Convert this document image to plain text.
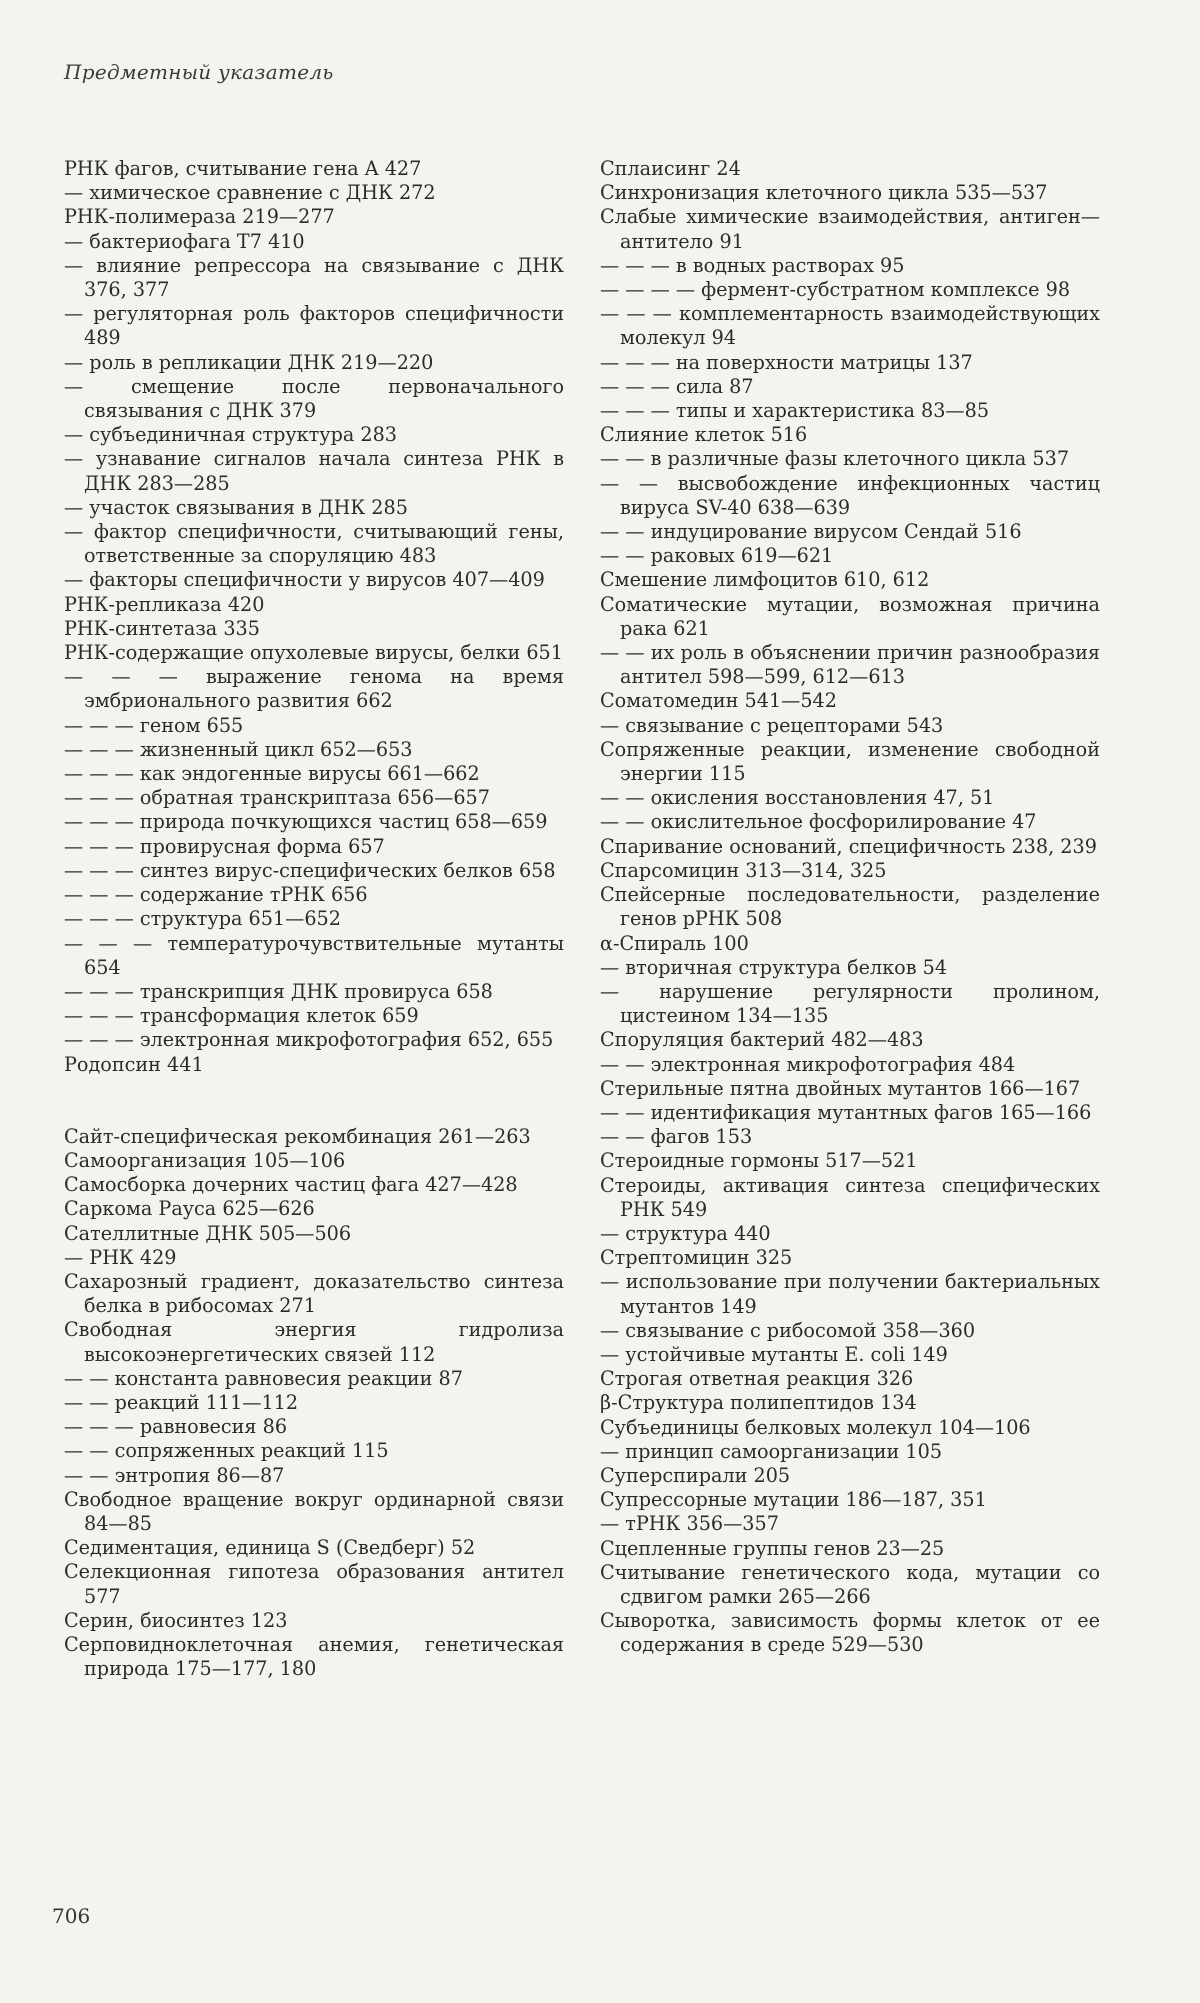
Предметный указатель
РНК фагов, считывание гена A 427
— химическое сравнение с ДНК 272
РНК-полимераза 219—277
— бактериофага T7 410
— влияние репрессора на связывание с ДНК 376, 377
— регуляторная роль факторов специфичности 489
— роль в репликации ДНК 219—220
— смещение после первоначального связывания с ДНК 379
— субъединичная структура 283
— узнавание сигналов начала синтеза РНК в ДНК 283—285
— участок связывания в ДНК 285
— фактор специфичности, считывающий гены, ответственные за споруляцию 483
— факторы специфичности у вирусов 407—409
РНК-репликаза 420
РНК-синтетаза 335
РНК-содержащие опухолевые вирусы, белки 651
— — — выражение генома на время эмбрионального развития 662
— — — геном 655
— — — жизненный цикл 652—653
— — — как эндогенные вирусы 661—662
— — — обратная транскриптаза 656—657
— — — природа почкующихся частиц 658—659
— — — провирусная форма 657
— — — синтез вирус-специфических белков 658
— — — содержание тРНК 656
— — — структура 651—652
— — — температурочувствительные мутанты 654
— — — транскрипция ДНК провируса 658
— — — трансформация клеток 659
— — — электронная микрофотография 652, 655
Родопсин 441
Сайт-специфическая рекомбинация 261—263
Самоорганизация 105—106
Самосборка дочерних частиц фага 427—428
Саркома Рауса 625—626
Сателлитные ДНК 505—506
— РНК 429
Сахарозный градиент, доказательство синтеза белка в рибосомах 271
Свободная энергия гидролиза высокоэнергетических связей 112
— — константа равновесия реакции 87
— — реакций 111—112
— — — равновесия 86
— — сопряженных реакций 115
— — энтропия 86—87
Свободное вращение вокруг ординарной связи 84—85
Седиментация, единица S (Сведберг) 52
Селекционная гипотеза образования антител 577
Серин, биосинтез 123
Серповидноклеточная анемия, генетическая природа 175—177, 180
Сплаисинг 24
Синхронизация клеточного цикла 535—537
Слабые химические взаимодействия, антиген—антитело 91
— — — в водных растворах 95
— — — — фермент-субстратном комплексе 98
— — — комплементарность взаимодействующих молекул 94
— — — на поверхности матрицы 137
— — — сила 87
— — — типы и характеристика 83—85
Слияние клеток 516
— — в различные фазы клеточного цикла 537
— — высвобождение инфекционных частиц вируса SV-40 638—639
— — индуцирование вирусом Сендай 516
— — раковых 619—621
Смешение лимфоцитов 610, 612
Соматические мутации, возможная причина рака 621
— — их роль в объяснении причин разнообразия антител 598—599, 612—613
Соматомедин 541—542
— связывание с рецепторами 543
Сопряженные реакции, изменение свободной энергии 115
— — окисления восстановления 47, 51
— — окислительное фосфорилирование 47
Спаривание оснований, специфичность 238, 239
Спарсомицин 313—314, 325
Спейсерные последовательности, разделение генов рРНК 508
α-Спираль 100
— вторичная структура белков 54
— нарушение регулярности пролином, цистеином 134—135
Споруляция бактерий 482—483
— — электронная микрофотография 484
Стерильные пятна двойных мутантов 166—167
— — идентификация мутантных фагов 165—166
— — фагов 153
Стероидные гормоны 517—521
Стероиды, активация синтеза специфических РНК 549
— структура 440
Стрептомицин 325
— использование при получении бактериальных мутантов 149
— связывание с рибосомой 358—360
— устойчивые мутанты E. coli 149
Строгая ответная реакция 326
β-Структура полипептидов 134
Субъединицы белковых молекул 104—106
— принцип самоорганизации 105
Суперспирали 205
Супрессорные мутации 186—187, 351
— тРНК 356—357
Сцепленные группы генов 23—25
Считывание генетического кода, мутации со сдвигом рамки 265—266
Сыворотка, зависимость формы клеток от ее содержания в среде 529—530
706
